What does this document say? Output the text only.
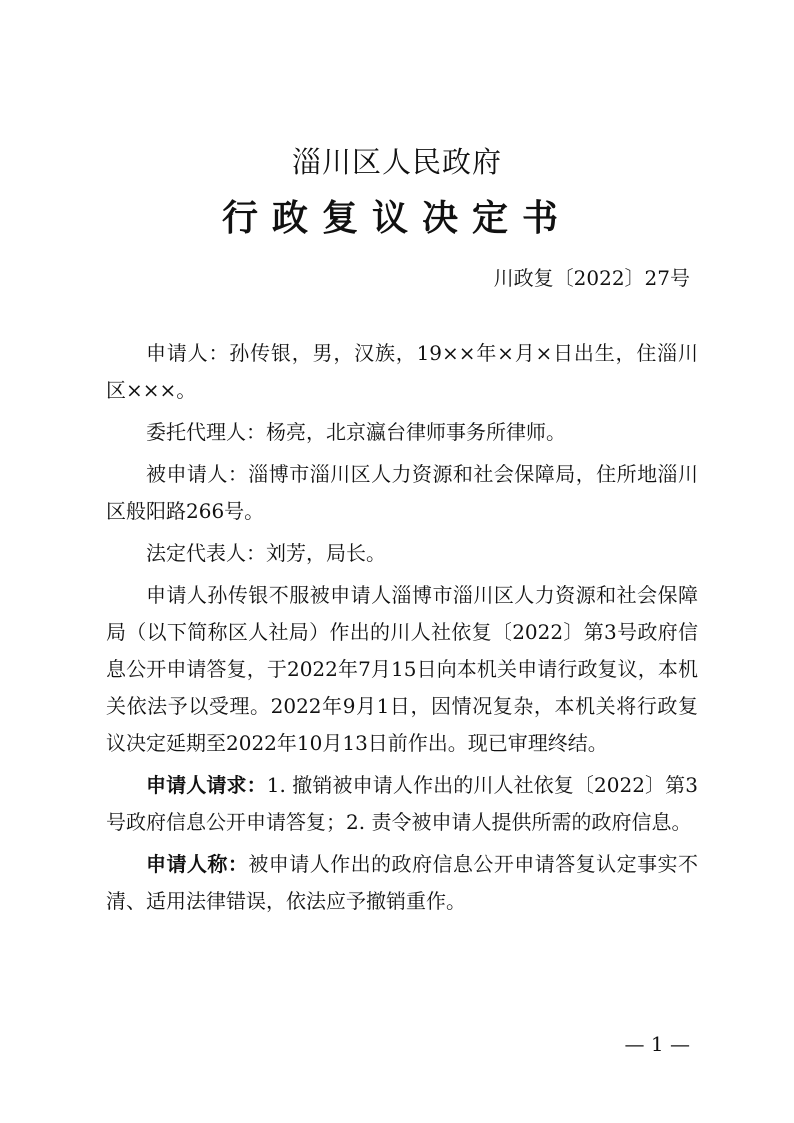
淄川区人民政府
行政复议决定书
川政复〔2022〕27号

申请人：孙传银，男，汉族，19××年×月×日出生，住淄川区×××。

委托代理人：杨亮，北京瀛台律师事务所律师。

被申请人：淄博市淄川区人力资源和社会保障局，住所地淄川区般阳路266号。

法定代表人：刘芳，局长。

申请人孙传银不服被申请人淄博市淄川区人力资源和社会保障局（以下简称区人社局）作出的川人社依复〔2022〕第3号政府信息公开申请答复，于2022年7月15日向本机关申请行政复议，本机关依法予以受理。2022年9月1日，因情况复杂，本机关将行政复议决定延期至2022年10月13日前作出。现已审理终结。

申请人请求：1. 撤销被申请人作出的川人社依复〔2022〕第3号政府信息公开申请答复；2. 责令被申请人提供所需的政府信息。

申请人称：被申请人作出的政府信息公开申请答复认定事实不清、适用法律错误，依法应予撤销重作。

— 1 —
